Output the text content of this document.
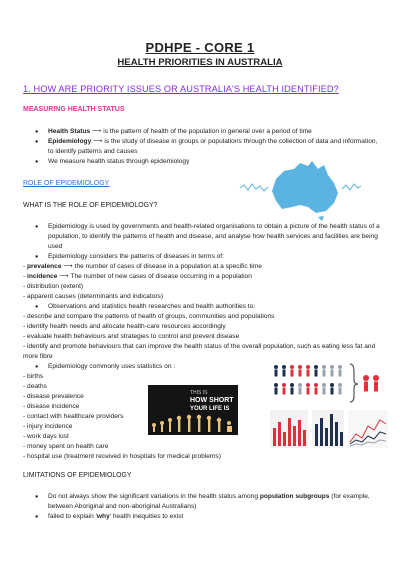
PDHPE - CORE 1
HEALTH PRIORITIES IN AUSTRALIA
1. HOW ARE PRIORITY ISSUES OR AUSTRALIA'S HEALTH IDENTIFIED?
MEASURING HEALTH STATUS
● Health Status ⟶ is the pattern of health of the population in general over a period of time
● Epidemiology ⟶ is the study of disease in groups or populations through the collection of data and information, to identify patterns and causes
● We measure health status through epidemiology
ROLE OF EPIDEMIOLOGY
WHAT IS THE ROLE OF EPIDEMIOLOGY?
● Epidemiology is used by governments and health-related organisations to obtain a picture of the health status of a population, to identify the patterns of health and disease, and analyse how health services and facilities are being used
● Epidemiology considers the patterns of diseases in terms of:
- prevalence ⟶ the number of cases of disease in a population at a specific time
- incidence ⟶ The number of new cases of disease occurring in a population
- distribution (extent)
- apparent causes (determinants and indicators)
● Observations and statistics health researches and health authorities to:
- describe and compare the patterns of health of groups, communities and populations
- identify health needs and allocate health-care resources accordingly
- evaluate health behaviours and strategies to control and prevent disease
- identify and promote behaviours that can improve the health status of the overall population, such as eating less fat and more fibre
● Epidemiology commonly uses statistics on :
- births
- deaths
- disease prevalence
- disease incidence
- contact with healthcare providers
- injury incidence
- work days lost
- money spent on health care
- hospital use (treatment received in hospitals for medical problems)
THIS IS
HOW SHORT
YOUR LIFE IS
LIMITATIONS OF EPIDEMIOLOGY
● Do not always show the significant variations in the health status among population subgroups (for example, between Aboriginal and non-aboriginal Australians)
● failed to explain 'why' health inequities to exist
